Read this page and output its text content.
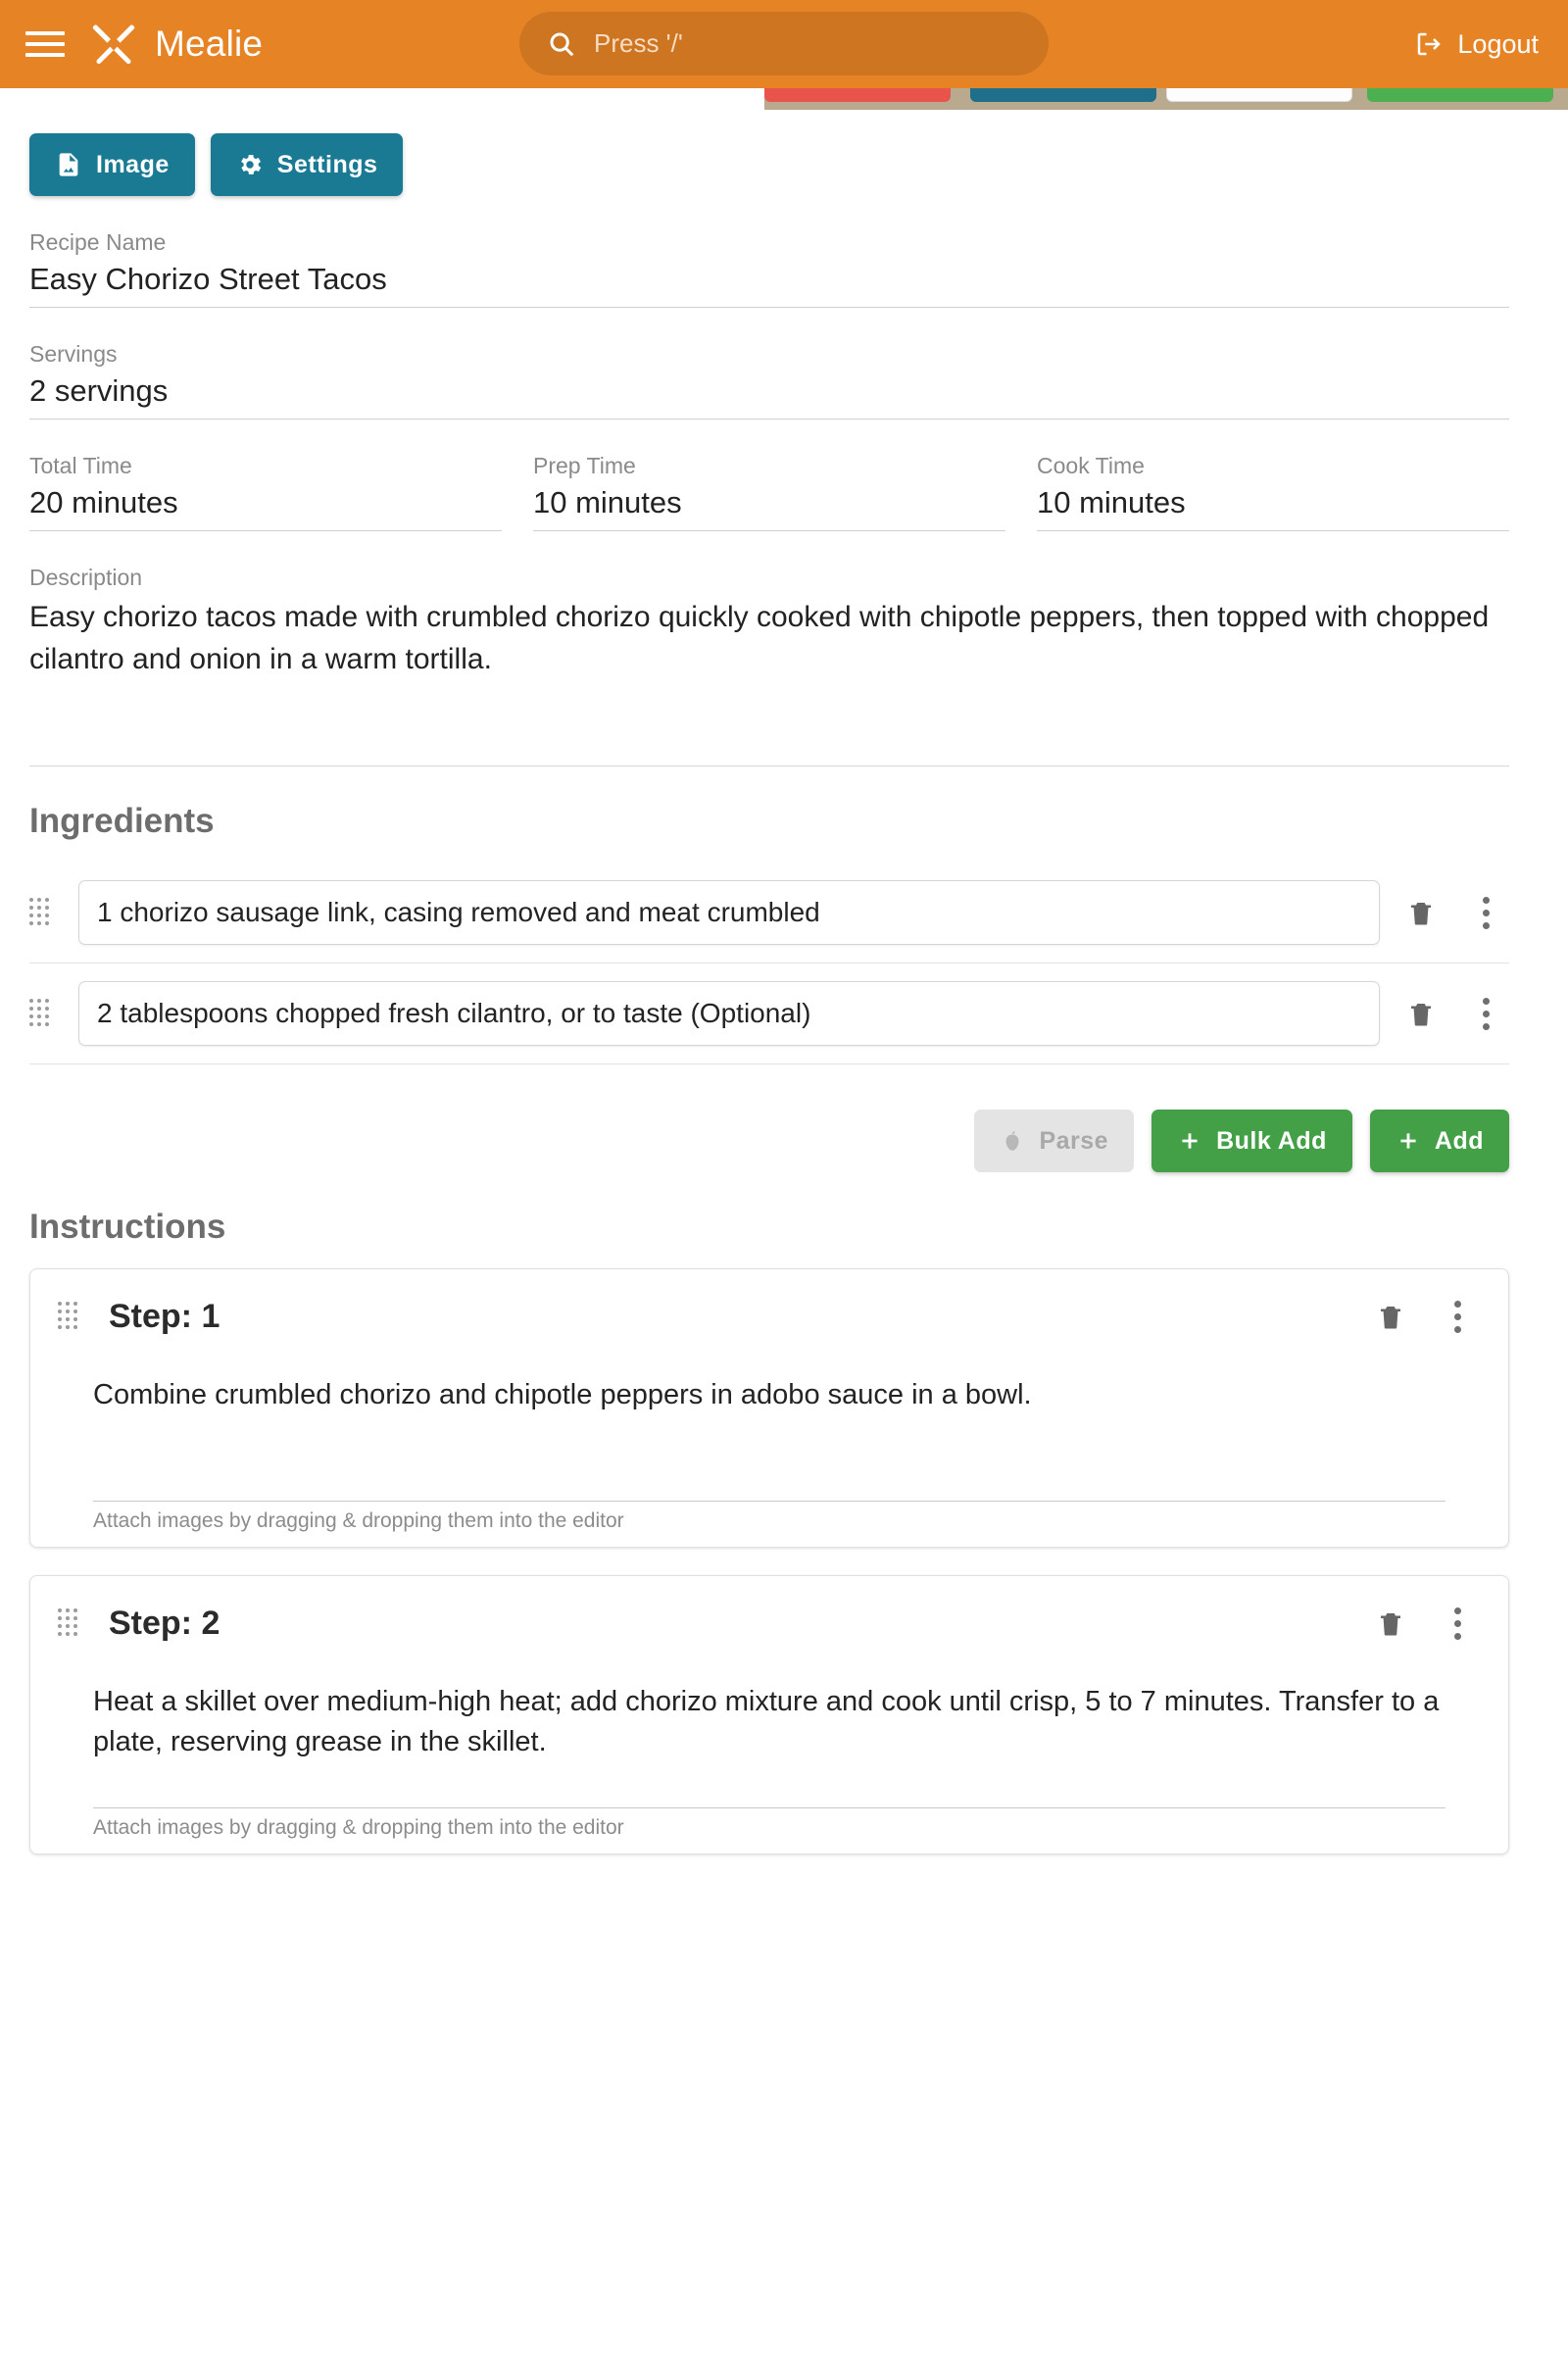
Mealie
Press '/'	Logout
Image	Settings
Recipe Name
Easy Chorizo Street Tacos
Servings
2 servings
Total Time
20 minutes
Prep Time
10 minutes
Cook Time
10 minutes
Description
Easy chorizo tacos made with crumbled chorizo quickly cooked with chipotle peppers, then topped with chopped cilantro and onion in a warm tortilla.
Ingredients
1 chorizo sausage link, casing removed and meat crumbled
2 tablespoons chopped fresh cilantro, or to taste (Optional)
Parse	Bulk Add	Add
Instructions
Step: 1
Combine crumbled chorizo and chipotle peppers in adobo sauce in a bowl.
Attach images by dragging & dropping them into the editor
Step: 2
Heat a skillet over medium-high heat; add chorizo mixture and cook until crisp, 5 to 7 minutes. Transfer to a plate, reserving grease in the skillet.
Attach images by dragging & dropping them into the editor
